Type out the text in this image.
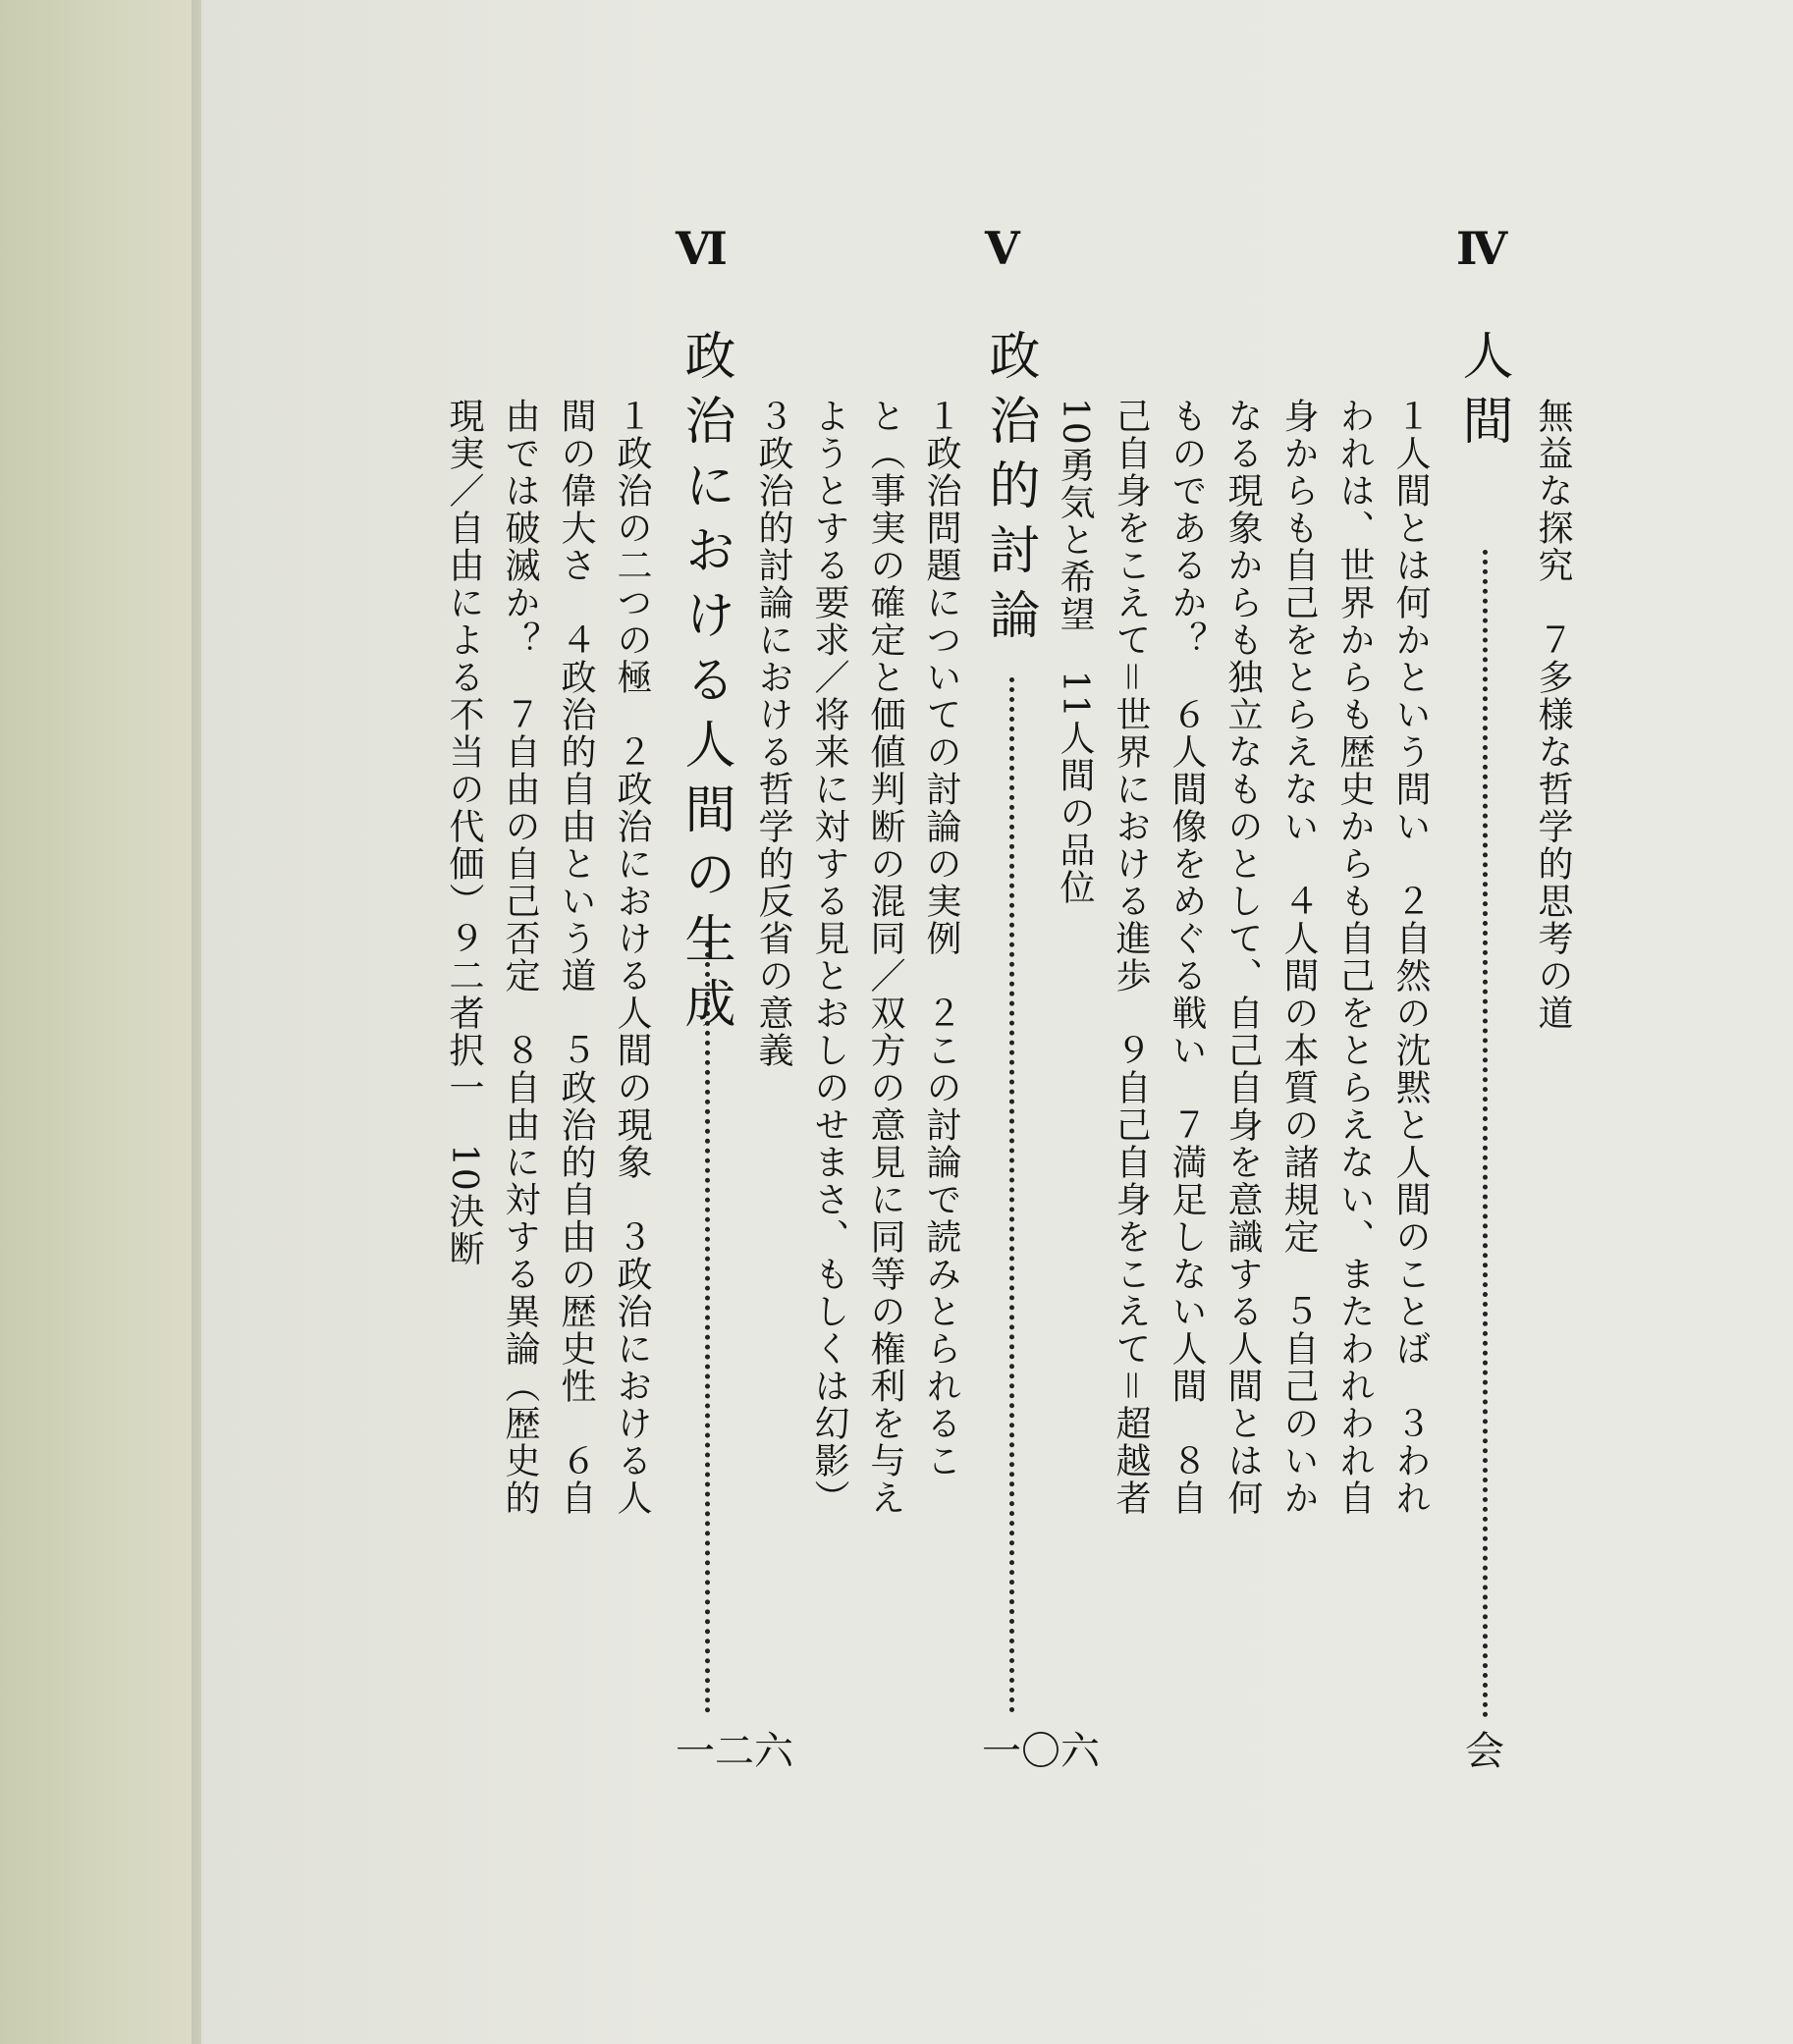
Ⅳ
人間
会
無益な探究　７多様な哲学的思考の道
１人間とは何かという問い　２自然の沈黙と人間のことば　３われ
われは、世界からも歴史からも自己をとらえない、またわれわれ自
身からも自己をとらえない　４人間の本質の諸規定　５自己のいか
なる現象からも独立なものとして、自己自身を意識する人間とは何
ものであるか？　６人間像をめぐる戦い　７満足しない人間　８自
己自身をこえて＝世界における進歩　９自己自身をこえて＝超越者
10勇気と希望　11人間の品位
Ⅴ
政治的討論
一〇六
１政治問題についての討論の実例　２この討論で読みとられるこ
と（事実の確定と価値判断の混同／双方の意見に同等の権利を与え
ようとする要求／将来に対する見とおしのせまさ、もしくは幻影）
３政治的討論における哲学的反省の意義
Ⅵ
政治における人間の生成
一二六
１政治の二つの極　２政治における人間の現象　３政治における人
間の偉大さ　４政治的自由という道　５政治的自由の歴史性　６自
由では破滅か？　７自由の自己否定　８自由に対する異論（歴史的
現実／自由による不当の代価）９二者択一　10決断
